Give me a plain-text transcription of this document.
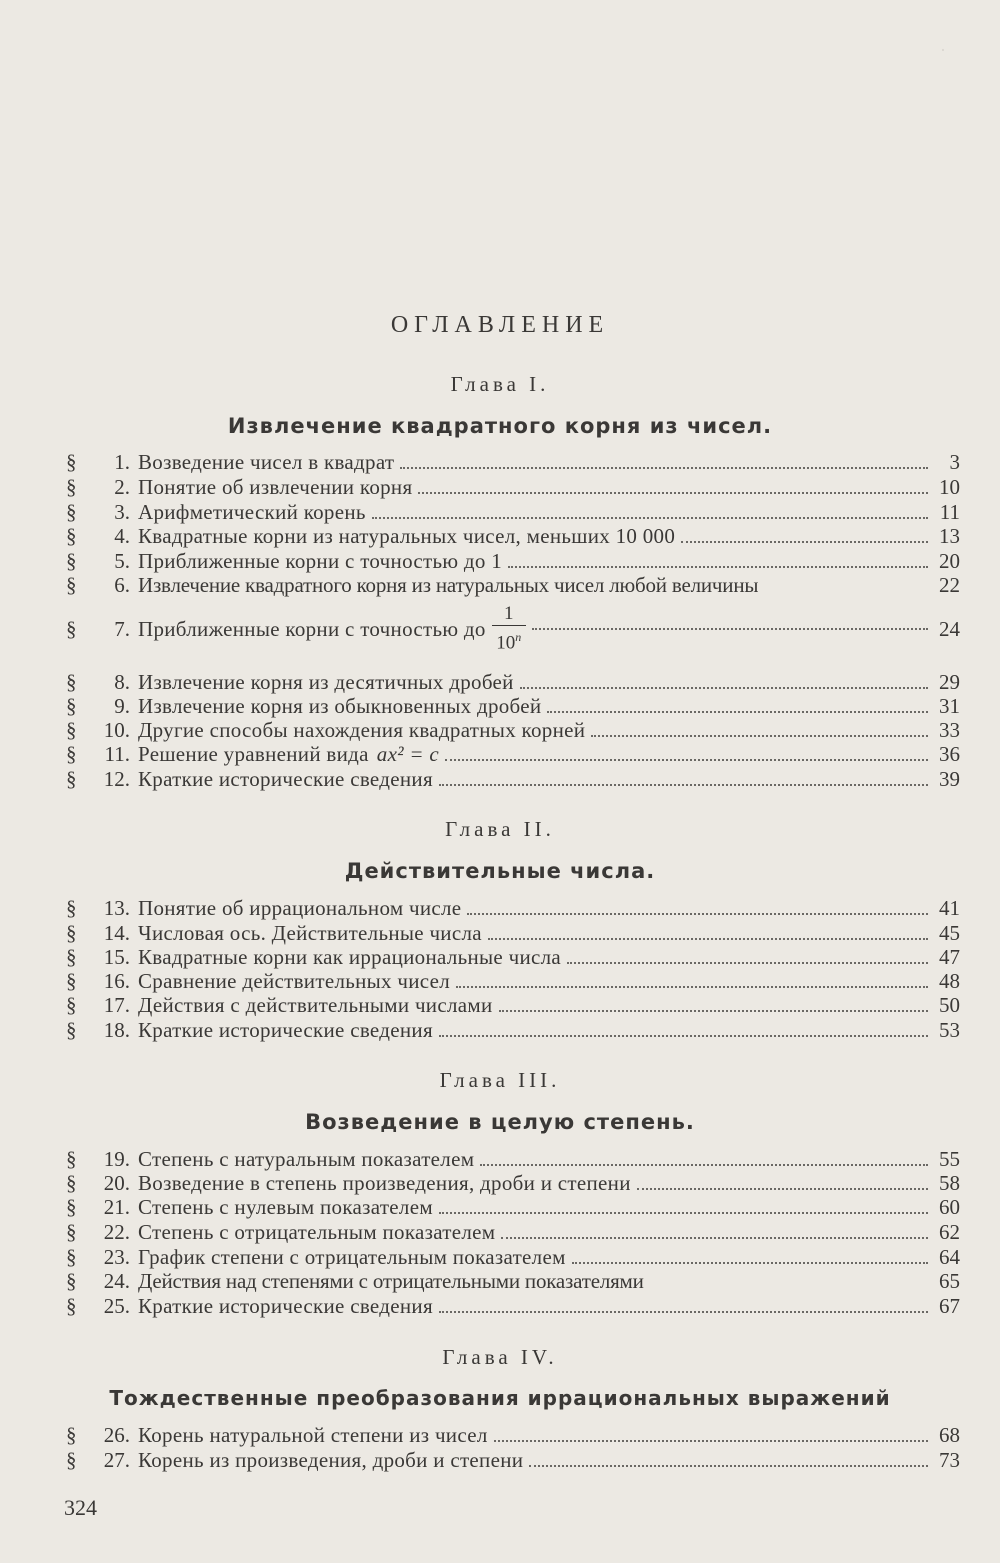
·
ОГЛАВЛЕНИЕ
Глава I.
Извлечение квадратного корня из чисел.
§	1. Возведение чисел в квадрат	3
§	2. Понятие об извлечении корня	10
§	3. Арифметический корень	11
§	4. Квадратные корни из натуральных чисел, меньших 10 000	13
§	5. Приближенные корни с точностью до 1	20
§	6. Извлечение квадратного корня из натуральных чисел любой величины	22
§	7. Приближенные корни с точностью до $\frac{1}{10^n}$	24
§	8. Извлечение корня из десятичных дробей	29
§	9. Извлечение корня из обыкновенных дробей	31
§	10. Другие способы нахождения квадратных корней	33
§	11. Решение уравнений вида ax² = c	36
§	12. Краткие исторические сведения	39
Глава II.
Действительные числа.
§	13. Понятие об иррациональном числе	41
§	14. Числовая ось. Действительные числа	45
§	15. Квадратные корни как иррациональные числа	47
§	16. Сравнение действительных чисел	48
§	17. Действия с действительными числами	50
§	18. Краткие исторические сведения	53
Глава III.
Возведение в целую степень.
§	19. Степень с натуральным показателем	55
§	20. Возведение в степень произведения, дроби и степени	58
§	21. Степень с нулевым показателем	60
§	22. Степень с отрицательным показателем	62
§	23. График степени с отрицательным показателем	64
§	24. Действия над степенями с отрицательными показателями	65
§	25. Краткие исторические сведения	67
Глава IV.
Тождественные преобразования иррациональных выражений
§	26. Корень натуральной степени из чисел	68
§	27. Корень из произведения, дроби и степени	73
324
